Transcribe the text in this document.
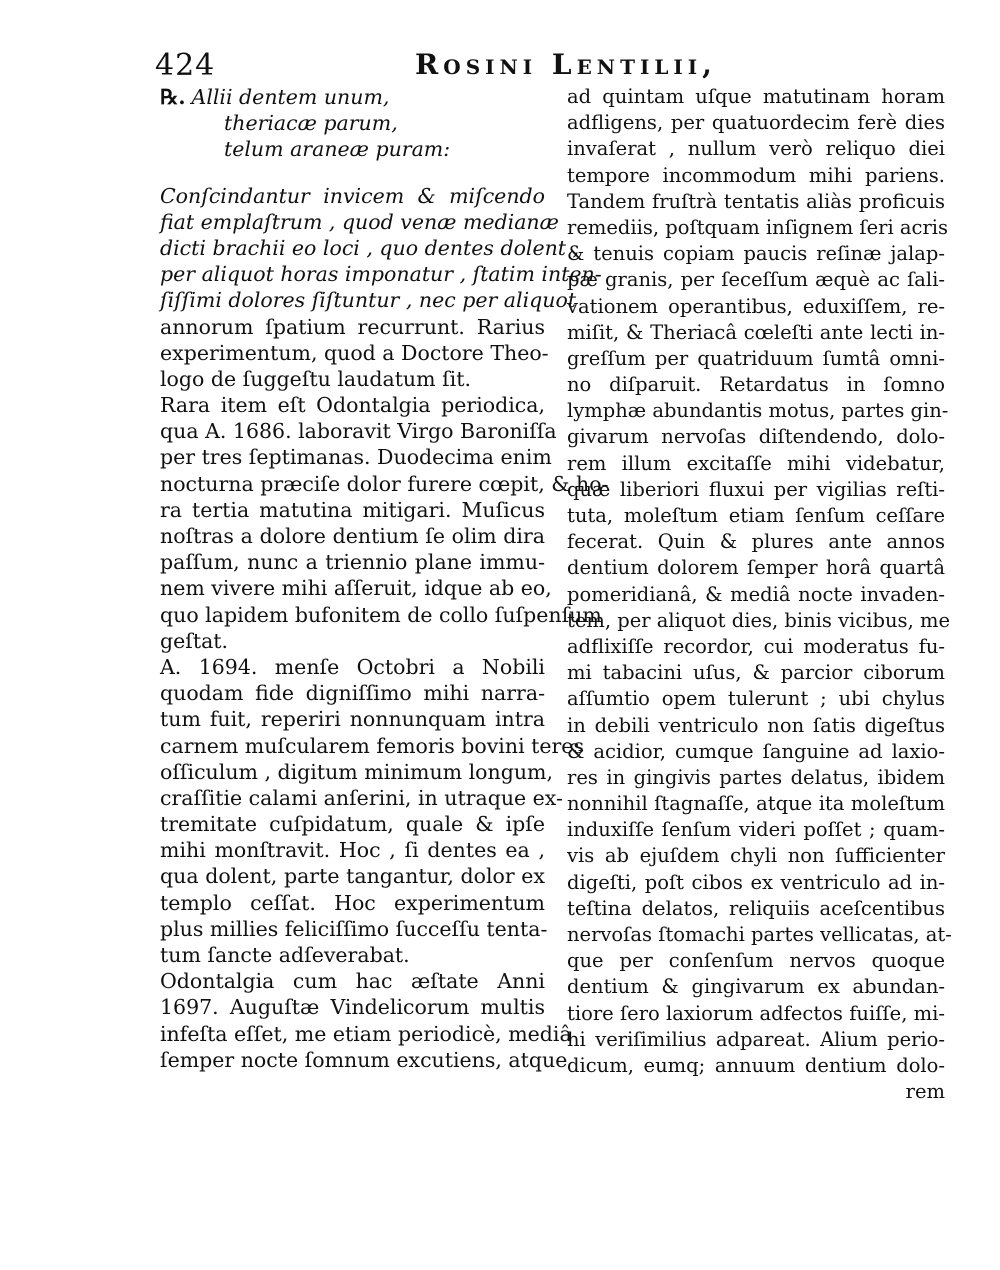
424	Rosini Lentilii,
℞. Allii dentem unum,
theriacæ parum,
telum araneæ puram:
Conſcindantur invicem & miſcendo
fiat emplaſtrum , quod venæ medianæ
dicti brachii eo loci , quo dentes dolent ,
per aliquot horas imponatur , ſtatim inten-
ſiſſimi dolores ſiſtuntur , nec per aliquot
annorum ſpatium recurrunt. Rarius
experimentum, quod a Doctore Theo-
logo de ſuggeſtu laudatum ſit.
Rara item eſt Odontalgia periodica,
qua A. 1686. laboravit Virgo Baroniſſa
per tres ſeptimanas. Duodecima enim
nocturna præciſe dolor furere cœpit, & ho-
ra tertia matutina mitigari. Muſicus
noſtras a dolore dentium ſe olim dira
paſſum, nunc a triennio plane immu-
nem vivere mihi aſſeruit, idque ab eo,
quo lapidem bufonitem de collo ſuſpenſum
geſtat.
A. 1694. menſe Octobri a Nobili
quodam fide digniſſimo mihi narra-
tum fuit, reperiri nonnunquam intra
carnem muſcularem femoris bovini teres
oſſiculum , digitum minimum longum,
craſſitie calami anſerini, in utraque ex-
tremitate cuſpidatum, quale & ipſe
mihi monſtravit. Hoc , ſi dentes ea ,
qua dolent, parte tangantur, dolor ex
templo ceſſat. Hoc experimentum
plus millies feliciſſimo ſucceſſu tenta-
tum ſancte adſeverabat.
Odontalgia cum hac æſtate Anni
1697. Auguſtæ Vindelicorum multis
infeſta eſſet, me etiam periodicè, mediâ
ſemper nocte ſomnum excutiens, atque
ad quintam uſque matutinam horam
adfligens, per quatuordecim ferè dies
invaſerat , nullum verò reliquo diei
tempore incommodum mihi pariens.
Tandem fruſtrà tentatis aliàs proficuis
remediis, poſtquam inſignem ſeri acris
& tenuis copiam paucis reſinæ jalap-
pæ granis, per ſeceſſum æquè ac ſali-
vationem operantibus, eduxiſſem, re-
miſit, & Theriacâ cœleſti ante lecti in-
greſſum per quatriduum ſumtâ omni-
no diſparuit. Retardatus in ſomno
lymphæ abundantis motus, partes gin-
givarum nervoſas diſtendendo, dolo-
rem illum excitaſſe mihi videbatur,
quæ liberiori fluxui per vigilias reſti-
tuta, moleſtum etiam ſenſum ceſſare
fecerat. Quin & plures ante annos
dentium dolorem ſemper horâ quartâ
pomeridianâ, & mediâ nocte invaden-
tem, per aliquot dies, binis vicibus, me
adflixiſſe recordor, cui moderatus fu-
mi tabacini uſus, & parcior ciborum
aſſumtio opem tulerunt ; ubi chylus
in debili ventriculo non ſatis digeſtus
& acidior, cumque ſanguine ad laxio-
res in gingivis partes delatus, ibidem
nonnihil ſtagnaſſe, atque ita moleſtum
induxiſſe ſenſum videri poſſet ; quam-
vis ab ejuſdem chyli non ſufficienter
digeſti, poſt cibos ex ventriculo ad in-
teſtina delatos, reliquiis aceſcentibus
nervoſas ſtomachi partes vellicatas, at-
que per conſenſum nervos quoque
dentium & gingivarum ex abundan-
tiore ſero laxiorum adfectos fuiſſe, mi-
hi veriſimilius adpareat. Alium perio-
dicum, eumq; annuum dentium dolo-
rem
